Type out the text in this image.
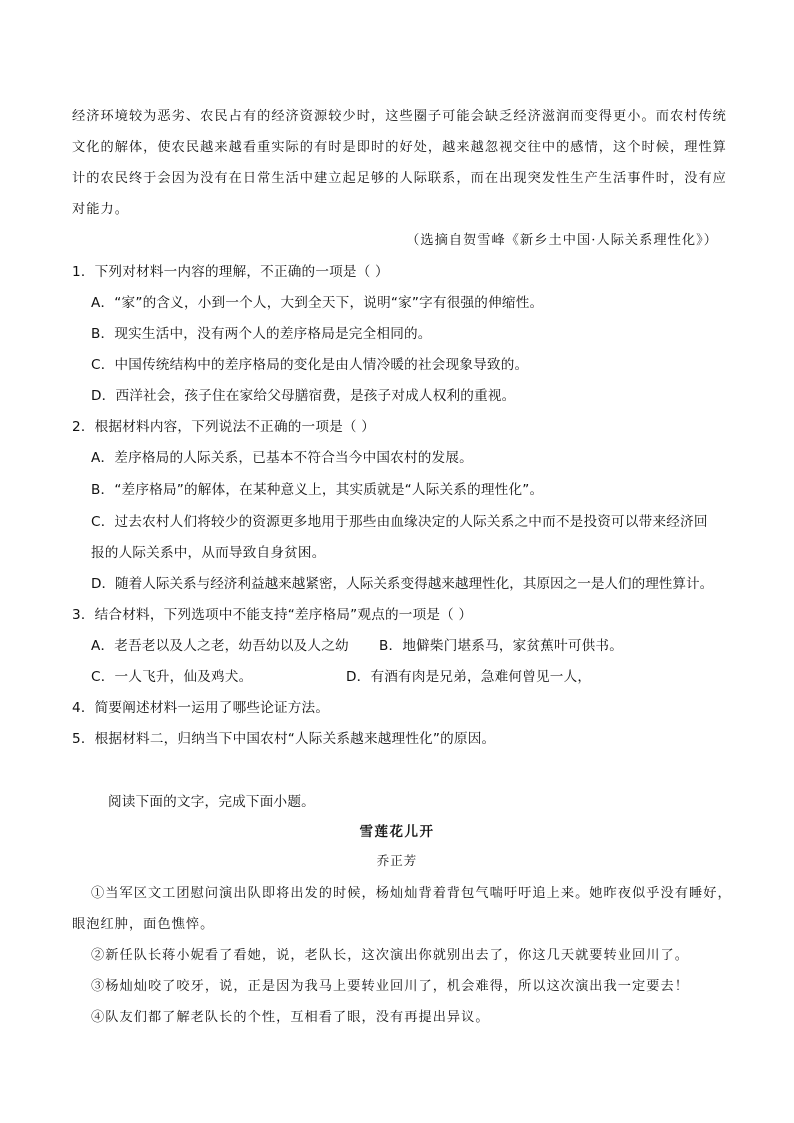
经济环境较为恶劣、农民占有的经济资源较少时，这些圈子可能会缺乏经济滋润而变得更小。而农村传统
文化的解体，使农民越来越看重实际的有时是即时的好处，越来越忽视交往中的感情，这个时候，理性算
计的农民终于会因为没有在日常生活中建立起足够的人际联系，而在出现突发性生产生活事件时，没有应
对能力。
（选摘自贺雪峰《新乡土中国·人际关系理性化》）
1．下列对材料一内容的理解，不正确的一项是（ ）
A．“家”的含义，小到一个人，大到全天下，说明“家”字有很强的伸缩性。
B．现实生活中，没有两个人的差序格局是完全相同的。
C．中国传统结构中的差序格局的变化是由人情冷暖的社会现象导致的。
D．西洋社会，孩子住在家给父母膳宿费，是孩子对成人权利的重视。
2．根据材料内容，下列说法不正确的一项是（ ）
A．差序格局的人际关系，已基本不符合当今中国农村的发展。
B．“差序格局”的解体，在某种意义上，其实质就是“人际关系的理性化”。
C．过去农村人们将较少的资源更多地用于那些由血缘决定的人际关系之中而不是投资可以带来经济回
报的人际关系中，从而导致自身贫困。
D．随着人际关系与经济利益越来越紧密，人际关系变得越来越理性化，其原因之一是人们的理性算计。
3．结合材料，下列选项中不能支持“差序格局”观点的一项是（ ）
A．老吾老以及人之老，幼吾幼以及人之幼 B．地僻柴门堪系马，家贫蕉叶可供书。
C．一人飞升，仙及鸡犬。	D．有酒有肉是兄弟，急难何曾见一人，
4．简要阐述材料一运用了哪些论证方法。
5．根据材料二，归纳当下中国农村“人际关系越来越理性化”的原因。
阅读下面的文字，完成下面小题。
雪莲花儿开
乔正芳
①当军区文工团慰问演出队即将出发的时候，杨灿灿背着背包气喘吁吁追上来。她昨夜似乎没有睡好，
眼泡红肿，面色憔悴。
②新任队长蒋小妮看了看她，说，老队长，这次演出你就别出去了，你这几天就要转业回川了。
③杨灿灿咬了咬牙，说，正是因为我马上要转业回川了，机会难得，所以这次演出我一定要去！
④队友们都了解老队长的个性，互相看了眼，没有再提出异议。
